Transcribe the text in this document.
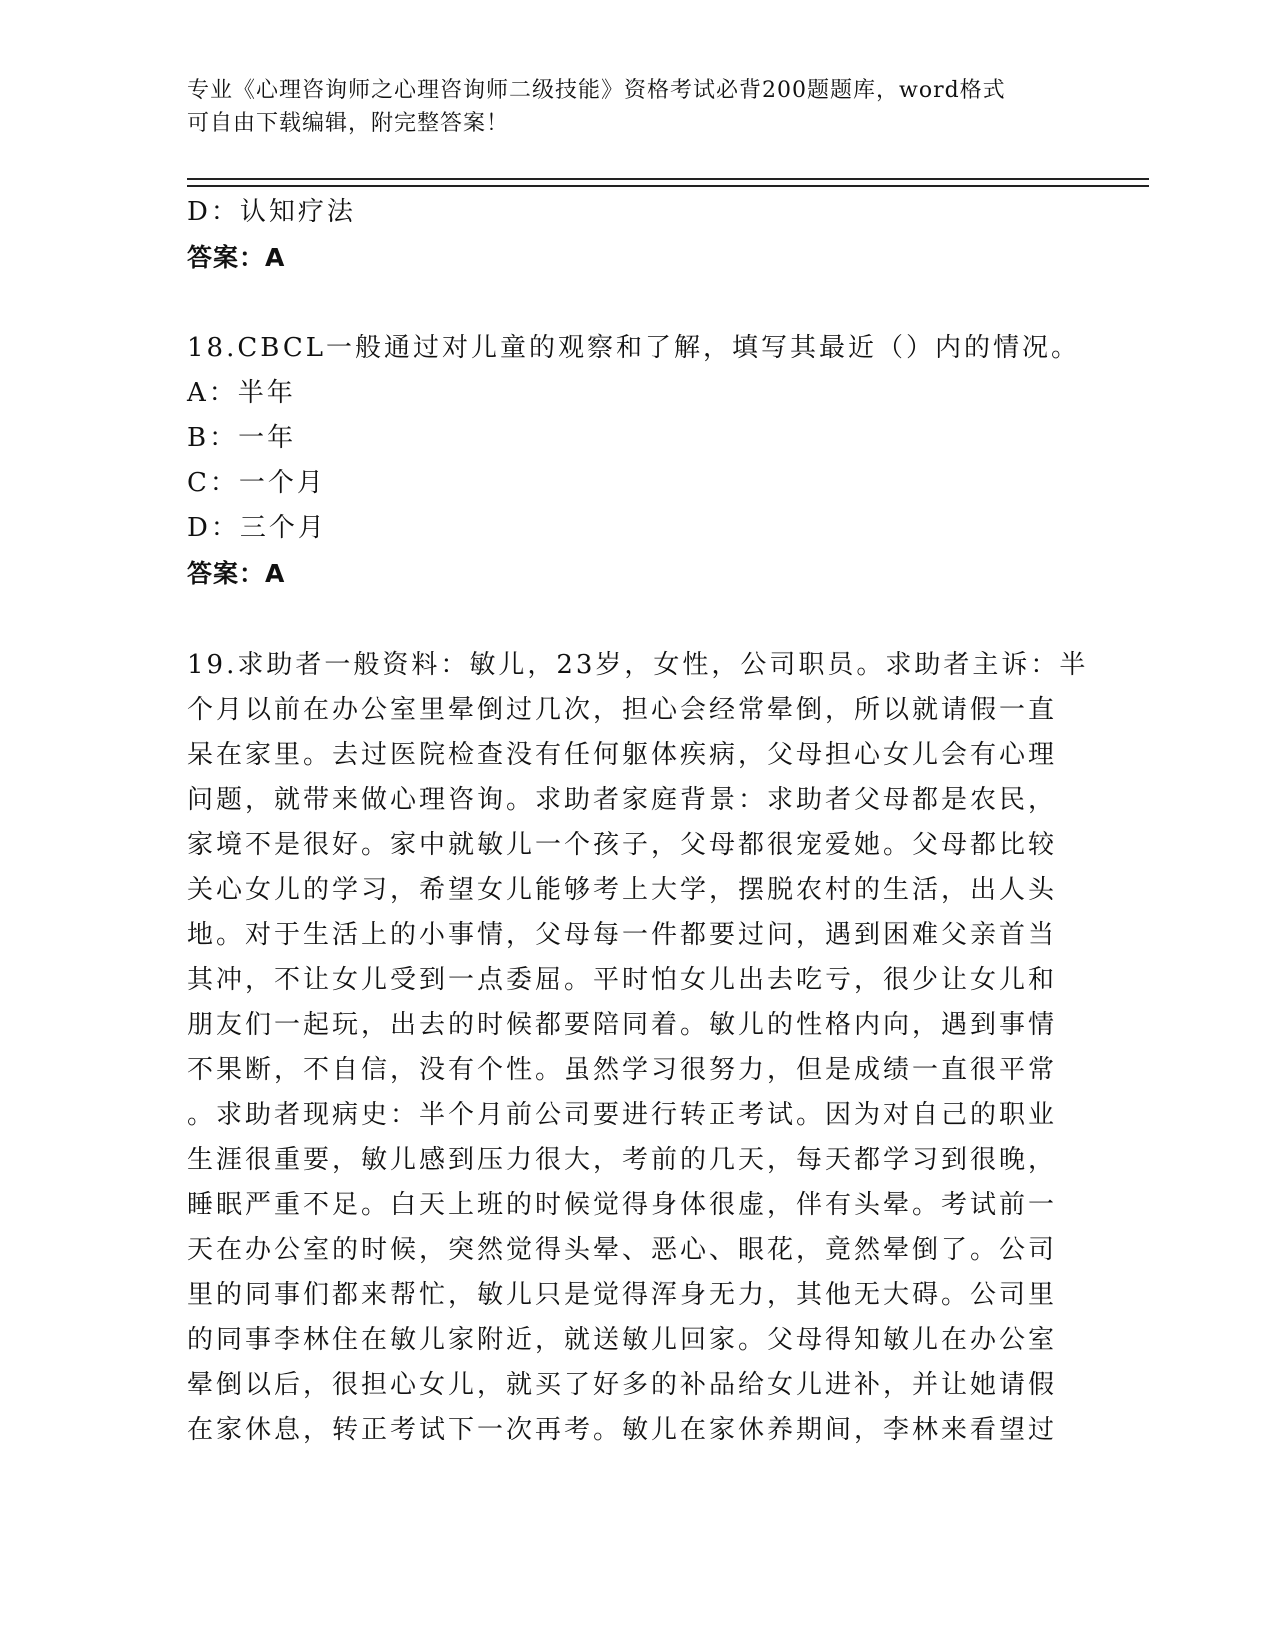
专业《心理咨询师之心理咨询师二级技能》资格考试必背200题题库，word格式
可自由下载编辑，附完整答案！
D：认知疗法
答案：A
18.CBCL一般通过对儿童的观察和了解，填写其最近（）内的情况。
A：半年
B：一年
C：一个月
D：三个月
答案：A
19.求助者一般资料：敏儿，23岁，女性，公司职员。求助者主诉：半
个月以前在办公室里晕倒过几次，担心会经常晕倒，所以就请假一直
呆在家里。去过医院检查没有任何躯体疾病，父母担心女儿会有心理
问题，就带来做心理咨询。求助者家庭背景：求助者父母都是农民，
家境不是很好。家中就敏儿一个孩子，父母都很宠爱她。父母都比较
关心女儿的学习，希望女儿能够考上大学，摆脱农村的生活，出人头
地。对于生活上的小事情，父母每一件都要过问，遇到困难父亲首当
其冲，不让女儿受到一点委屈。平时怕女儿出去吃亏，很少让女儿和
朋友们一起玩，出去的时候都要陪同着。敏儿的性格内向，遇到事情
不果断，不自信，没有个性。虽然学习很努力，但是成绩一直很平常
。求助者现病史：半个月前公司要进行转正考试。因为对自己的职业
生涯很重要，敏儿感到压力很大，考前的几天，每天都学习到很晚，
睡眠严重不足。白天上班的时候觉得身体很虚，伴有头晕。考试前一
天在办公室的时候，突然觉得头晕、恶心、眼花，竟然晕倒了。公司
里的同事们都来帮忙，敏儿只是觉得浑身无力，其他无大碍。公司里
的同事李林住在敏儿家附近，就送敏儿回家。父母得知敏儿在办公室
晕倒以后，很担心女儿，就买了好多的补品给女儿进补，并让她请假
在家休息，转正考试下一次再考。敏儿在家休养期间，李林来看望过
